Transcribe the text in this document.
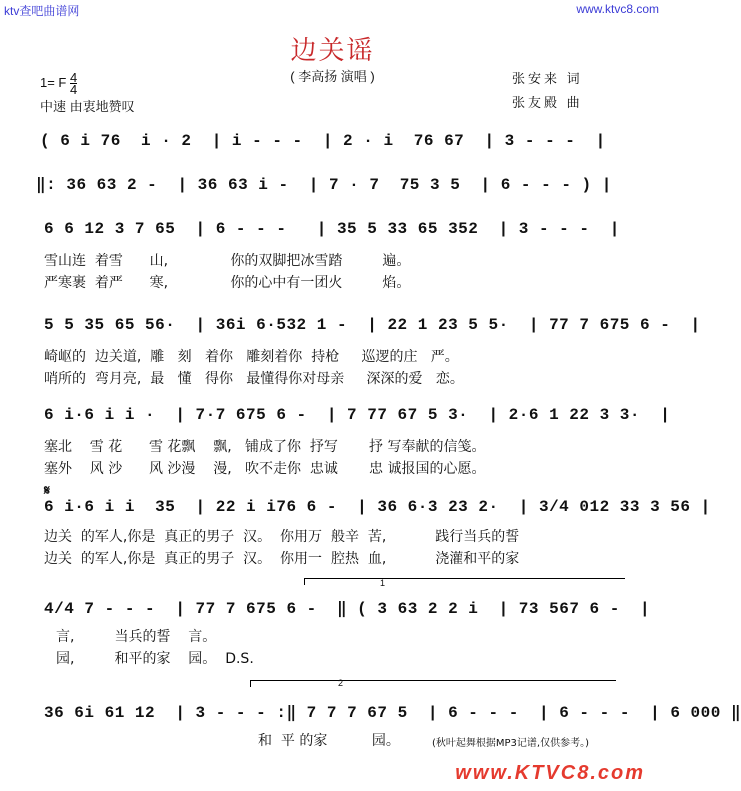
ktv查吧曲谱网	www.ktvc8.com
边关谣
( 李高扬 演唱 )
1= F $\frac{4}{4}$
中速 由衷地赞叹
张安来 词
张友殿 曲
( 6 i 76  i · 2  | i - - -  | 2 · i  76 67  | 3 - - -  |
‖: 36 63 2 -  | 36 63 i -  | 7 · 7  75 3 5  | 6 - - - ) |
6 6 12 3 7 65  | 6 - - -   | 35 5 33 65 352  | 3 - - -  |
雪山连  着雪      山,              你的双脚把冰雪踏         遍。
严寒裹  着严      寒,              你的心中有一团火         焰。
5 5 35 65 56·  | 36i 6·532 1 -  | 22 1 23 5 5·  | 77 7 675 6 -  |
崎岖的  边关道,  雕   刻   着你   雕刻着你  持枪     巡逻的庄   严。
哨所的  弯月亮,  最   懂   得你   最懂得你对母亲     深深的爱   恋。
6 i·6 i i ·  | 7·7 675 6 -  | 7 77 67 5 3·  | 2·6 1 22 3 3·  |
塞北    雪 花      雪 花飘    飘,   铺成了你  抒写       抒 写奉献的信笺。
塞外    风 沙      风 沙漫    漫,   吹不走你  忠诚       忠 诚报国的心愿。
𝄋
6 i·6 i i  35  | 22 i i76 6 -  | 36 6·3 23 2·  | 3/4 012 33 3 56 |
边关  的军人,你是  真正的男子  汉。  你用万  般辛  苦,           践行当兵的誓
边关  的军人,你是  真正的男子  汉。  你用一  腔热  血,           浇灌和平的家
1
4/4 7 - - -  | 77 7 675 6 -  ‖ ( 3 63 2 2 i  | 73 567 6 -  |
言,         当兵的誓    言。
园,         和平的家    园。  D.S.
2
36 6i 61 12  | 3 - - - :‖ 7 7 7 67 5  | 6 - - -  | 6 - - -  | 6 000 ‖
和  平 的家          园。	(秋叶起舞根据MP3记谱,仅供参考。)
www.KTVC8.com
